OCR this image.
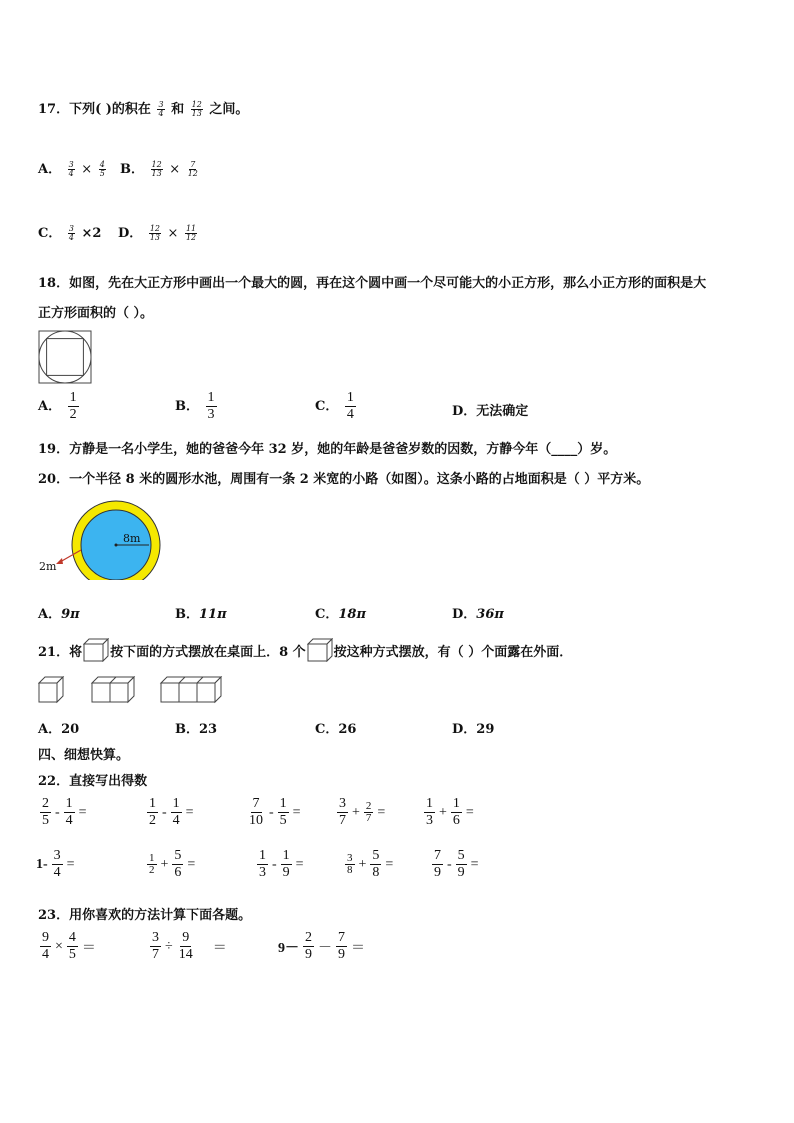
17．下列( )的积在 $\frac{3}{4}$ 和 $\frac{12}{13}$ 之间。
A． $\frac{3}{4} \times \frac{4}{5}$ B． $\frac{12}{13} \times \frac{7}{12}$
C． $\frac{3}{4} \times 2$ D． $\frac{12}{13} \times \frac{11}{12}$
18．如图，先在大正方形中画出一个最大的圆，再在这个圆中画一个尽可能大的小正方形，那么小正方形的面积是大
正方形面积的（ ）。
A． $\frac{1}{2}$	B． $\frac{1}{3}$	C． $\frac{1}{4}$	D．无法确定
19．方静是一名小学生，她的爸爸今年 32 岁，她的年龄是爸爸岁数的因数，方静今年（____）岁。
20．一个半径 8 米的圆形水池，周围有一条 2 米宽的小路（如图）。这条小路的占地面积是（ ）平方米。
8m
2m
A．9π	B．11π	C．18π	D．36π
21．将 按下面的方式摆放在桌面上．8 个 按这种方式摆放，有（ ）个面露在外面．
A．20	B．23	C．26	D．29
四、细想快算。
22．直接写出得数
$\frac{2}{5} - \frac{1}{4}$ =	$\frac{1}{2} - \frac{1}{4}$ =	$\frac{7}{10} - \frac{1}{5}$ =	$\frac{3}{7} + \frac{2}{7}$ =	$\frac{1}{3} + \frac{1}{6}$ =
$1- \frac{3}{4}$ =	$\frac{1}{2} + \frac{5}{6}$ =	$\frac{1}{3} - \frac{1}{9}$ =	$\frac{3}{8} + \frac{5}{8}$ =	$\frac{7}{9} - \frac{5}{9}$ =
23．用你喜欢的方法计算下面各题。
$\frac{9}{4} \times \frac{4}{5}$ ＝	$\frac{3}{7} \div \frac{9}{14}$ ＝	$9- \frac{2}{9} - \frac{7}{9}$ ＝
